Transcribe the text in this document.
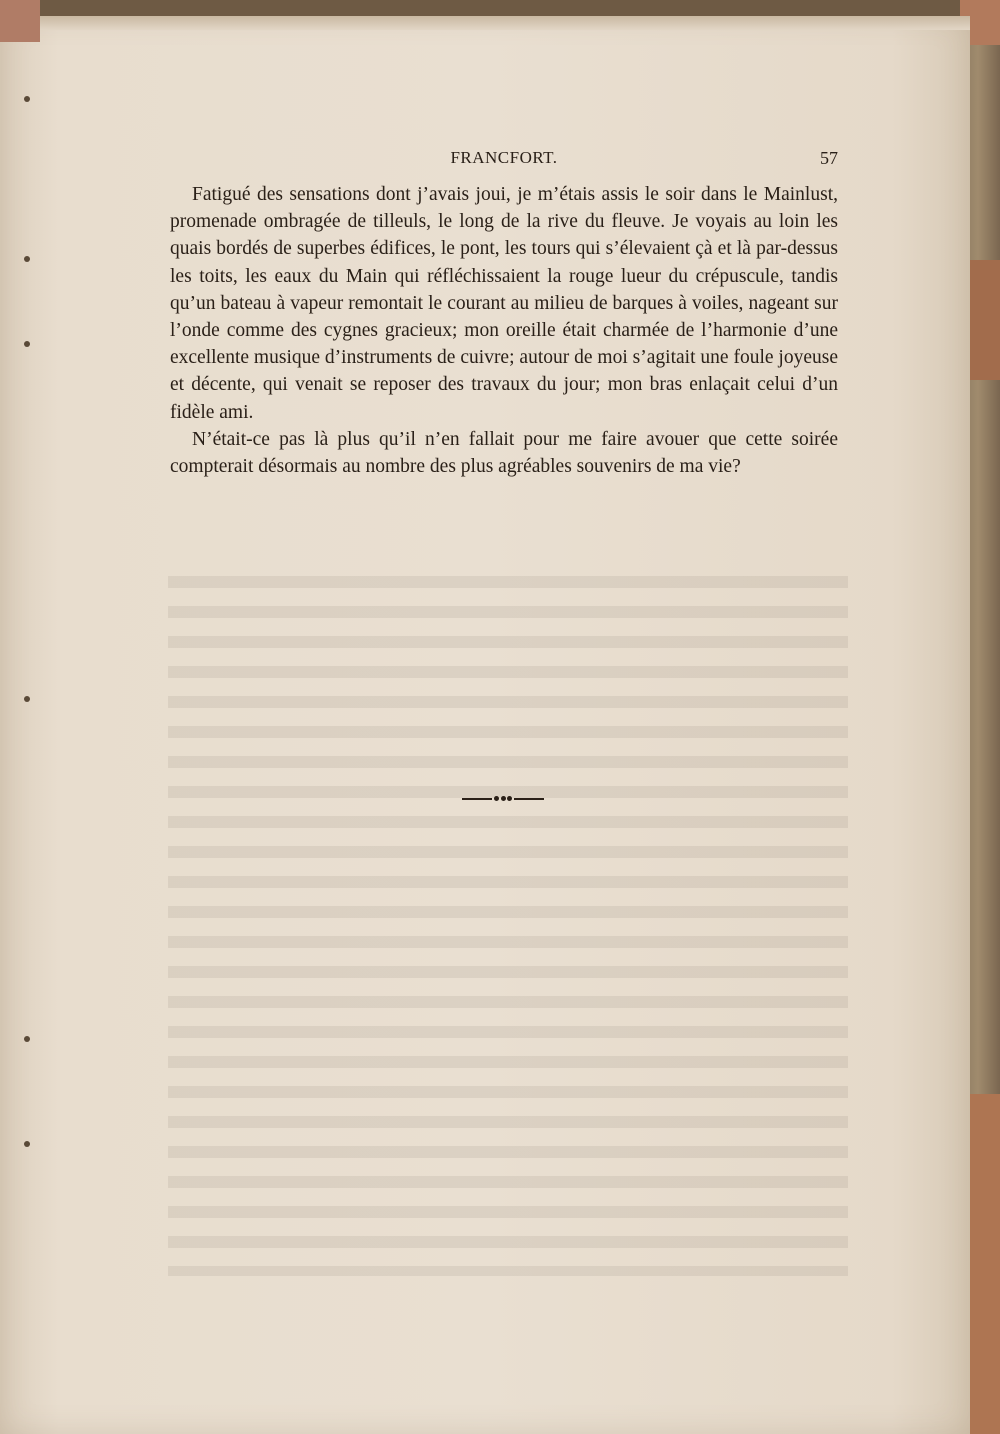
FRANCFORT.	57

Fatigué des sensations dont j’avais joui, je m’étais assis le soir dans le Mainlust, promenade ombragée de tilleuls, le long de la rive du fleuve. Je voyais au loin les quais bordés de superbes édifices, le pont, les tours qui s’élevaient çà et là par-dessus les toits, les eaux du Main qui réfléchissaient la rouge lueur du crépuscule, tandis qu’un bateau à vapeur remontait le courant au milieu de barques à voiles, nageant sur l’onde comme des cygnes gracieux; mon oreille était charmée de l’harmonie d’une excellente musique d’instruments de cuivre; autour de moi s’agitait une foule joyeuse et décente, qui venait se reposer des travaux du jour; mon bras enlaçait celui d’un fidèle ami.

N’était-ce pas là plus qu’il n’en fallait pour me faire avouer que cette soirée compterait désormais au nombre des plus agréables souvenirs de ma vie?
